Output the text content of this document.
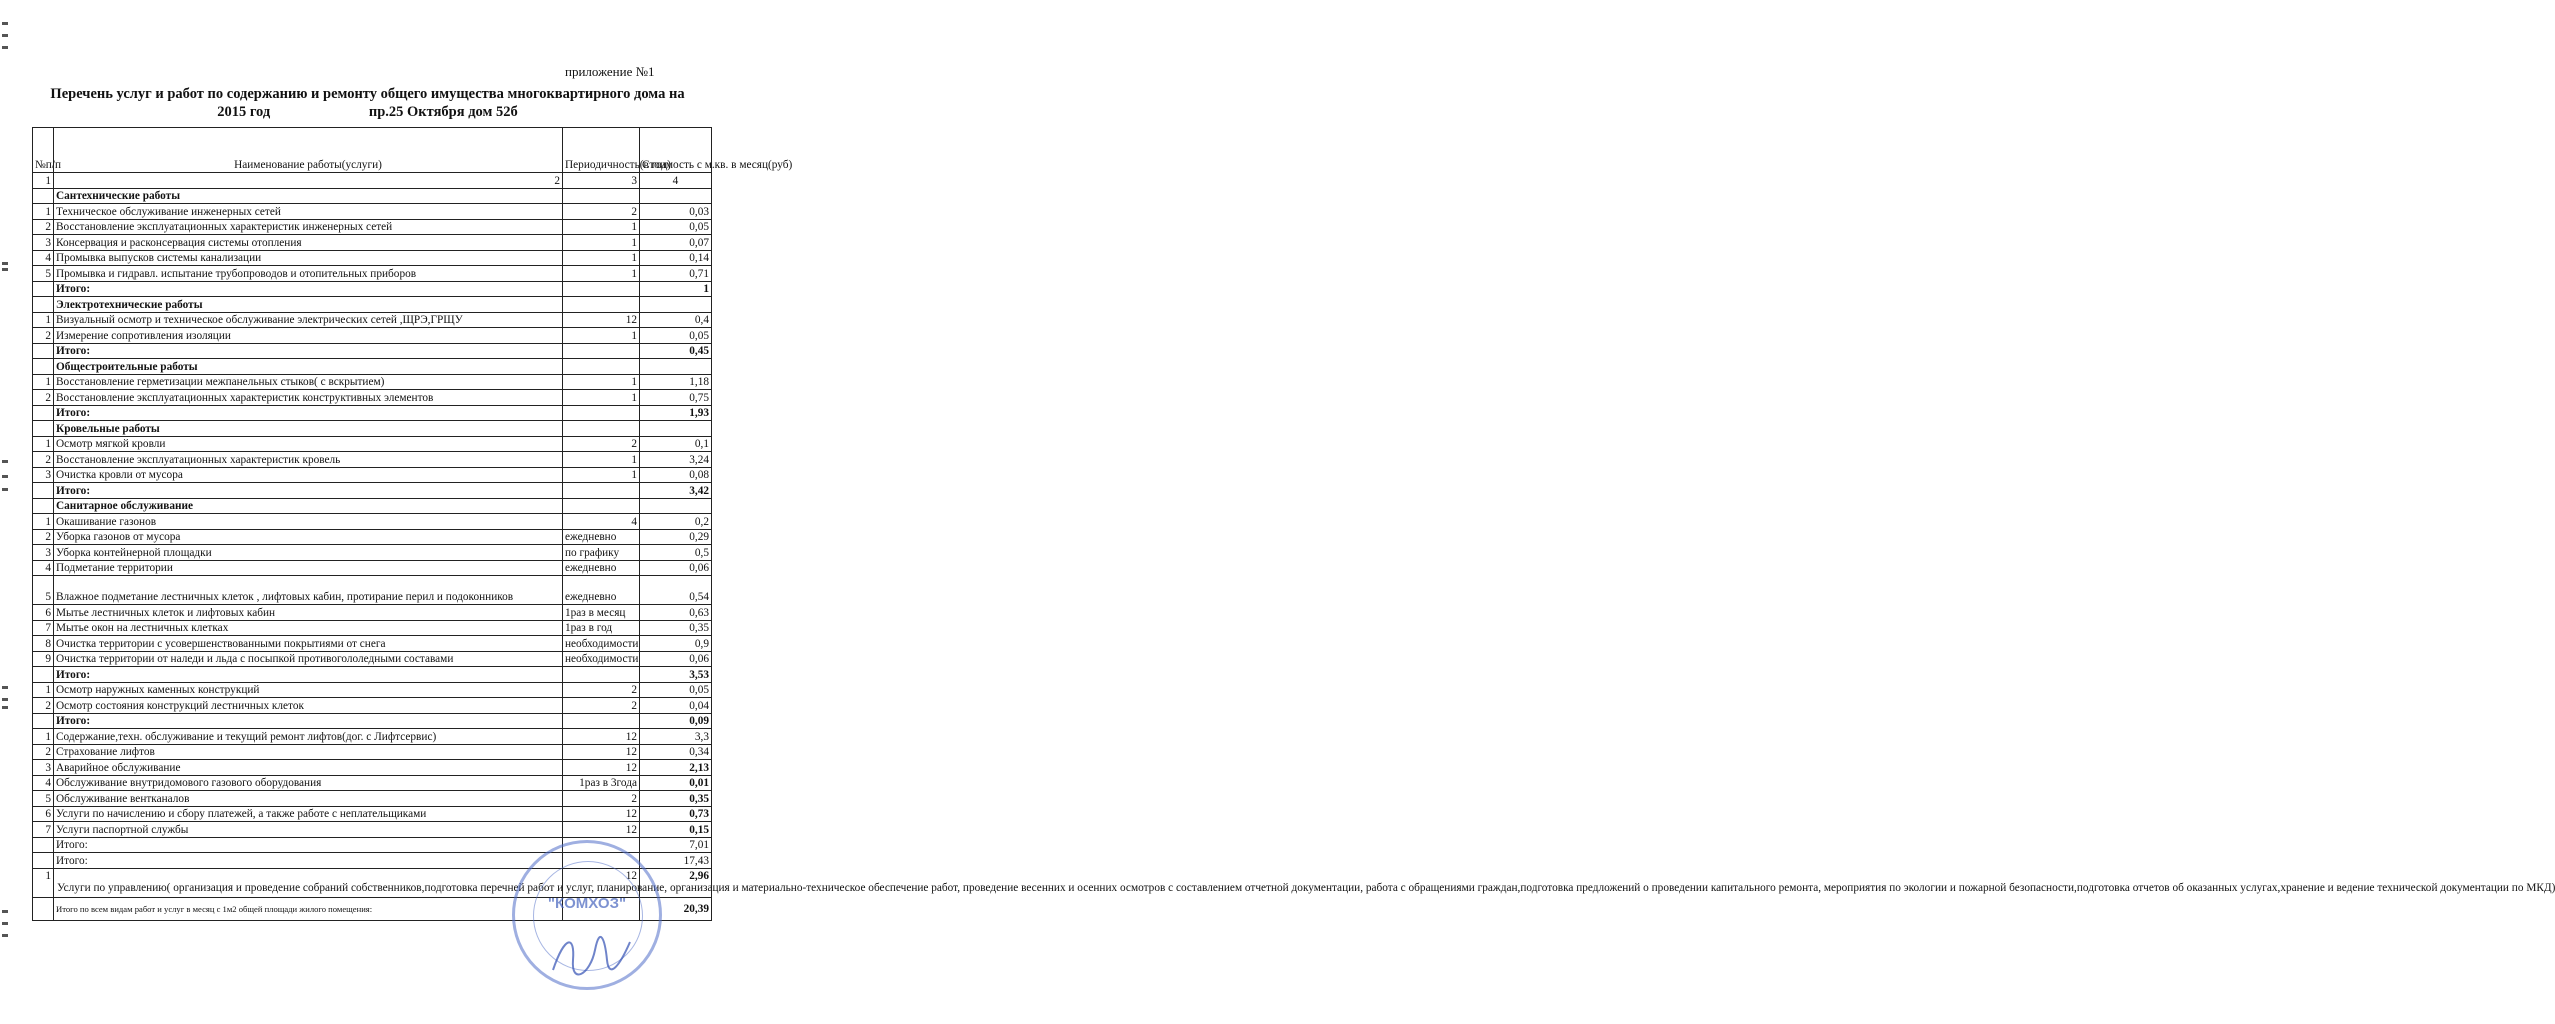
приложение №1
Перечень услуг и работ по содержанию и ремонту общего имущества многоквартирного дома на
2015 год	пр.25 Октября дом 52б
№п/п	Наименование работы(услуги)	Периодичность(в год)	Стоимость с м.кв. в месяц(руб)
1	2	3	4
	Сантехнические работы		
1	Техническое обслуживание инженерных сетей	2	0,03
2	Восстановление эксплуатационных характеристик инженерных сетей	1	0,05
3	Консервация и расконсервация системы отопления	1	0,07
4	Промывка выпусков системы канализации	1	0,14
5	Промывка и гидравл. испытание трубопроводов и отопительных приборов	1	0,71
	Итого:		1
	Электротехнические работы		
1	Визуальный осмотр и техническое обслуживание электрических сетей ,ЩРЭ,ГРЩУ	12	0,4
2	Измерение сопротивления изоляции	1	0,05
	Итого:		0,45
	Общестроительные работы		
1	Восстановление герметизации межпанельных стыков( с вскрытием)	1	1,18
2	Восстановление эксплуатационных характеристик конструктивных элементов	1	0,75
	Итого:		1,93
	Кровельные работы		
1	Осмотр мягкой кровли	2	0,1
2	Восстановление эксплуатационных характеристик кровель	1	3,24
3	Очистка кровли от мусора	1	0,08
	Итого:		3,42
	Санитарное обслуживание		
1	Окашивание газонов	4	0,2
2	Уборка газонов от мусора	ежедневно	0,29
3	Уборка контейнерной площадки	по графику	0,5
4	Подметание территории	ежедневно	0,06
5	Влажное подметание лестничных клеток , лифтовых кабин, протирание перил и подоконников	ежедневно	0,54
6	Мытье лестничных клеток и лифтовых кабин	1раз в месяц	0,63
7	Мытье окон на лестничных клетках	1раз в год	0,35
8	Очистка территории с усовершенствованными покрытиями от снега	необходимости	0,9
9	Очистка территории от наледи и льда с посыпкой противогололедными составами	необходимости	0,06
	Итого:		3,53
1	Осмотр наружных каменных конструкций	2	0,05
2	Осмотр состояния конструкций лестничных клеток	2	0,04
	Итого:		0,09
1	Содержание,техн. обслуживание и текущий ремонт лифтов(дог. с Лифтсервис)	12	3,3
2	Страхование лифтов	12	0,34
3	Аварийное обслуживание	12	2,13
4	Обслуживание внутридомового газового оборудования	1раз в 3года	0,01
5	Обслуживание вентканалов	2	0,35
6	Услуги по начислению и сбору платежей, а также работе с неплательщиками	12	0,73
7	Услуги паспортной службы	12	0,15
	Итого:		7,01
	Итого:		17,43
1	Услуги по управлению( организация и проведение собраний собственников,подготовка перечней работ и услуг, планирование, организация и материально-техническое обеспечение работ, проведение весенних и осенних осмотров с составлением отчетной документации, работа с обращениями граждан,подготовка предложений о проведении капитального ремонта, мероприятия по экологии и пожарной безопасности,подготовка отчетов об оказанных услугах,хранение и ведение технической документации по МКД)	12	2,96
	Итого по всем видам работ и услуг в месяц с 1м2 общей площади жилого помещения:		20,39
"КОМХОЗ"
